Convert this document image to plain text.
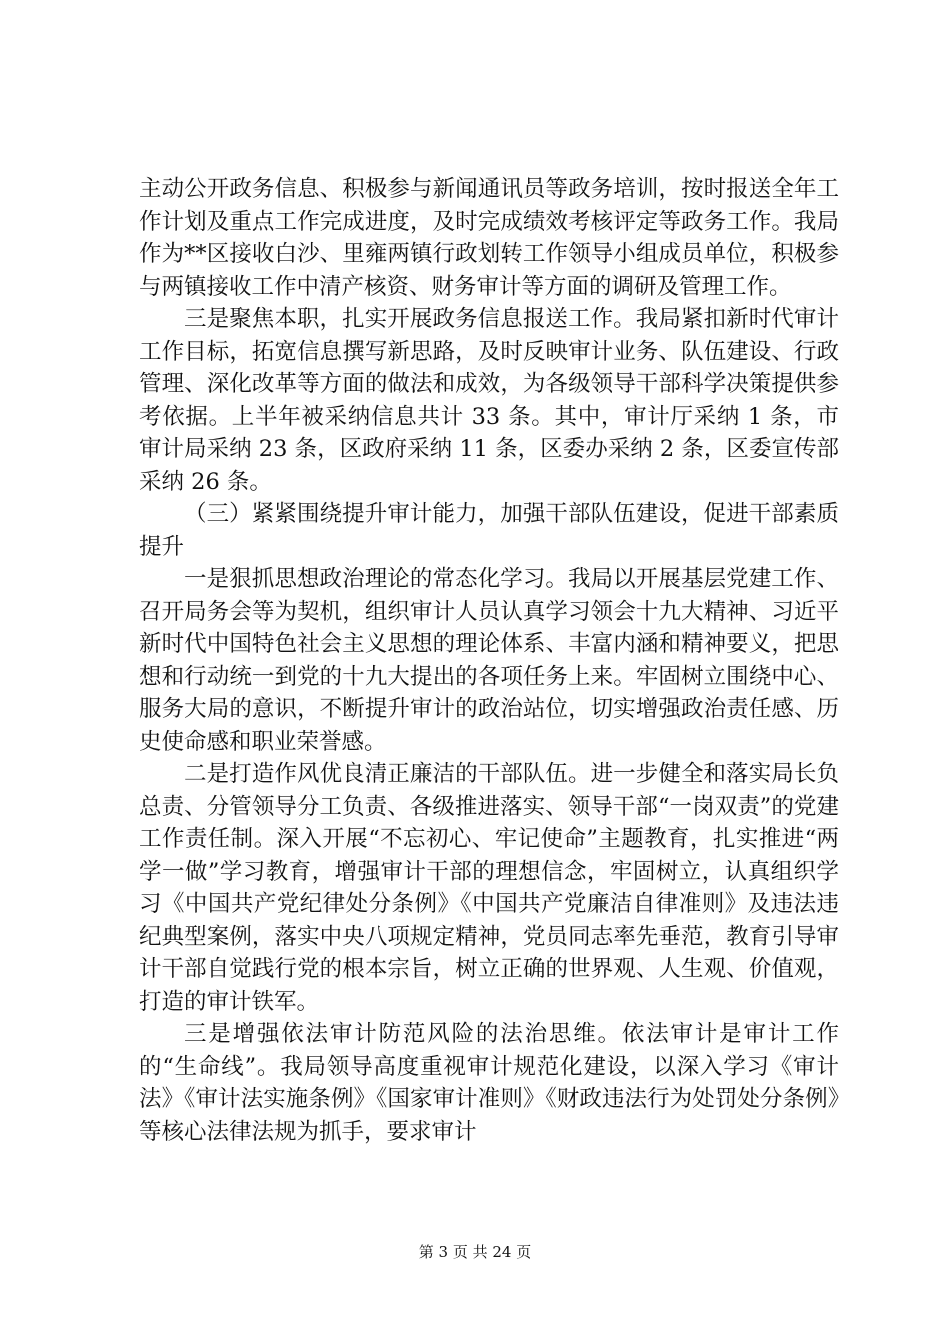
主动公开政务信息、积极参与新闻通讯员等政务培训，按时报送全年工作计划及重点工作完成进度，及时完成绩效考核评定等政务工作。我局作为**区接收白沙、里雍两镇行政划转工作领导小组成员单位，积极参与两镇接收工作中清产核资、财务审计等方面的调研及管理工作。

三是聚焦本职，扎实开展政务信息报送工作。我局紧扣新时代审计工作目标，拓宽信息撰写新思路，及时反映审计业务、队伍建设、行政管理、深化改革等方面的做法和成效，为各级领导干部科学决策提供参考依据。上半年被采纳信息共计 33 条。其中，审计厅采纳 1 条，市审计局采纳 23 条，区政府采纳 11 条，区委办采纳 2 条，区委宣传部采纳 26 条。

（三）紧紧围绕提升审计能力，加强干部队伍建设，促进干部素质提升

一是狠抓思想政治理论的常态化学习。我局以开展基层党建工作、召开局务会等为契机，组织审计人员认真学习领会十九大精神、习近平新时代中国特色社会主义思想的理论体系、丰富内涵和精神要义，把思想和行动统一到党的十九大提出的各项任务上来。牢固树立围绕中心、服务大局的意识，不断提升审计的政治站位，切实增强政治责任感、历史使命感和职业荣誉感。

二是打造作风优良清正廉洁的干部队伍。进一步健全和落实局长负总责、分管领导分工负责、各级推进落实、领导干部“一岗双责”的党建工作责任制。深入开展“不忘初心、牢记使命”主题教育，扎实推进“两学一做”学习教育，增强审计干部的理想信念，牢固树立，认真组织学习《中国共产党纪律处分条例》《中国共产党廉洁自律准则》及违法违纪典型案例，落实中央八项规定精神，党员同志率先垂范，教育引导审计干部自觉践行党的根本宗旨，树立正确的世界观、人生观、价值观，打造的审计铁军。

三是增强依法审计防范风险的法治思维。依法审计是审计工作的“生命线”。我局领导高度重视审计规范化建设，以深入学习《审计法》《审计法实施条例》《国家审计准则》《财政违法行为处罚处分条例》等核心法律法规为抓手，要求审计

第 3 页 共 24 页
